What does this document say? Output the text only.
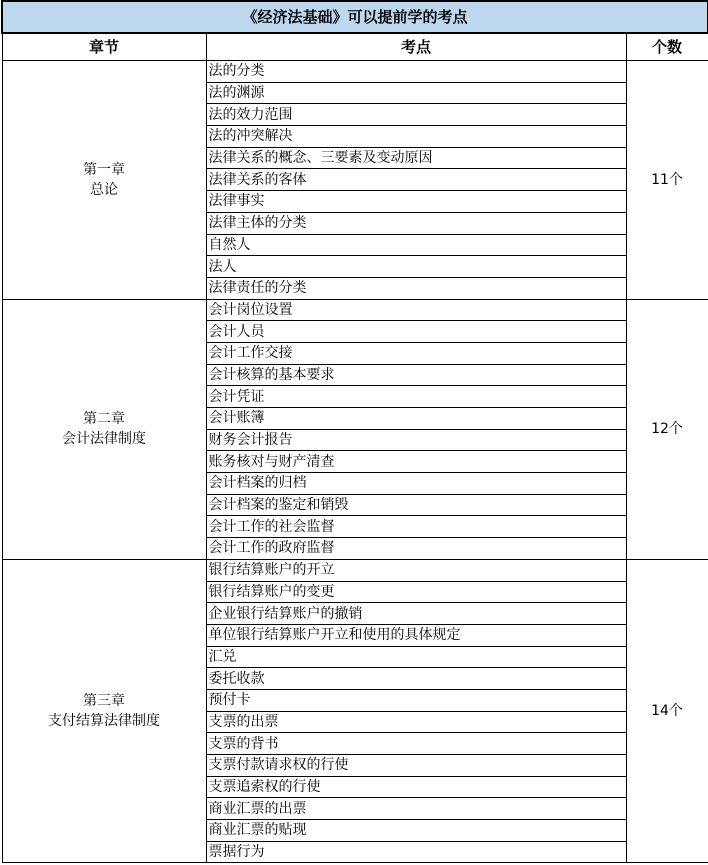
《经济法基础》可以提前学的考点		
章节	考点	个数

第一章
总论	法的分类	11个
	法的渊源	
	法的效力范围	
	法的冲突解决	
	法律关系的概念、三要素及变动原因	
	法律关系的客体	
	法律事实	
	法律主体的分类	
	自然人	
	法人	
	法律责任的分类	

第二章
会计法律制度	会计岗位设置	12个
	会计人员	
	会计工作交接	
	会计核算的基本要求	
	会计凭证	
	会计账簿	
	财务会计报告	
	账务核对与财产清查	
	会计档案的归档	
	会计档案的鉴定和销毁	
	会计工作的社会监督	
	会计工作的政府监督	

第三章
支付结算法律制度	银行结算账户的开立	14个
	银行结算账户的变更	
	企业银行结算账户的撤销	
	单位银行结算账户开立和使用的具体规定	
	汇兑	
	委托收款	
	预付卡	
	支票的出票	
	支票的背书	
	支票付款请求权的行使	
	支票追索权的行使	
	商业汇票的出票	
	商业汇票的贴现	
	票据行为	
